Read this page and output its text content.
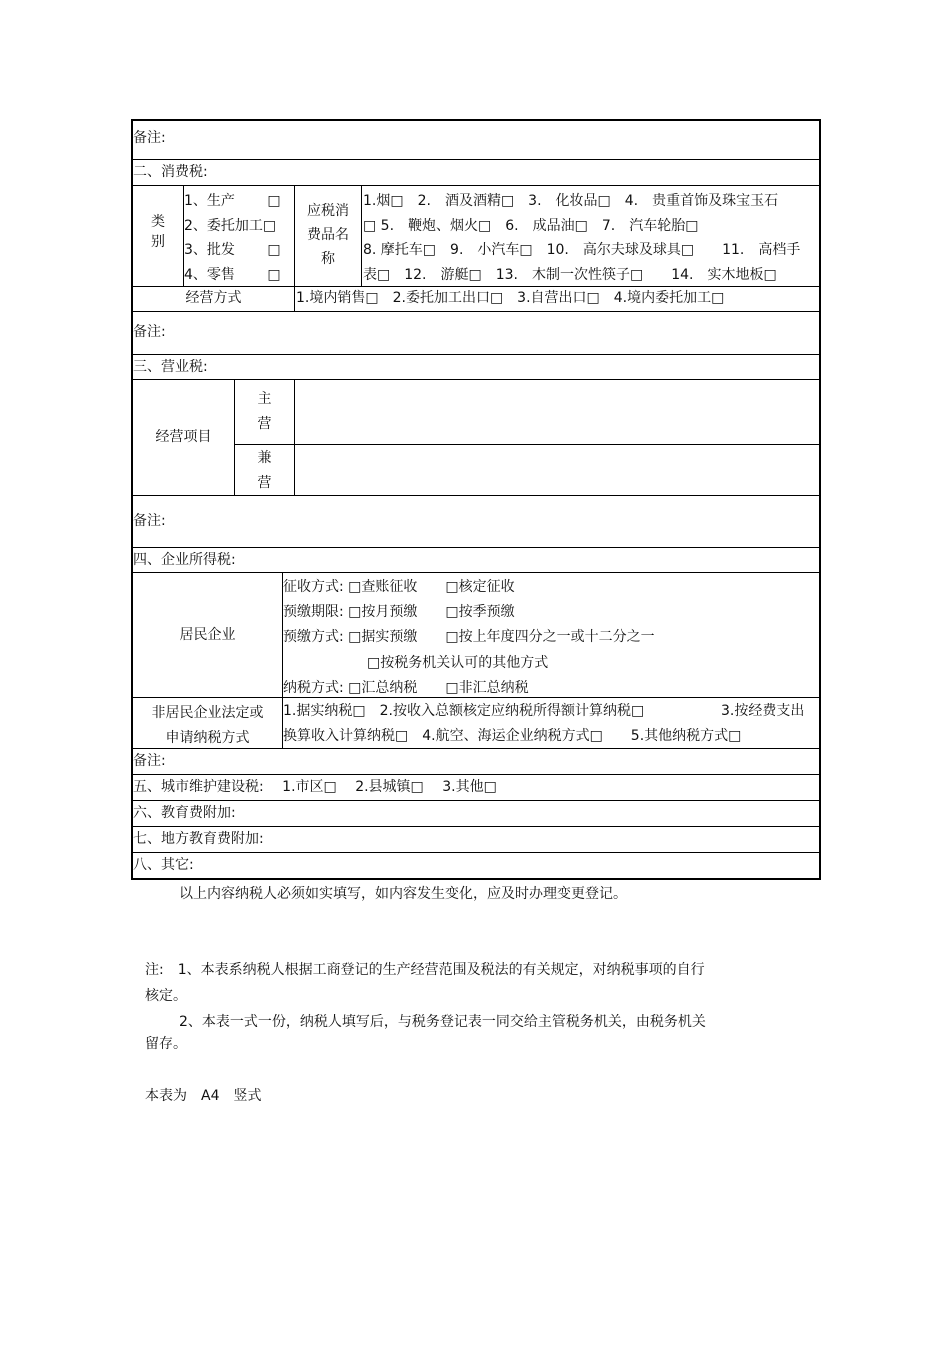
备注:
二、消费税:
类
别
1、生产　　 □
2、委托加工□
3、批发　　 □
4、零售　　 □
应税消
费品名
称
1.烟□　2.　酒及酒精□　3.　化妆品□　4.　贵重首饰及珠宝玉石
□ 5.　鞭炮、烟火□　6.　成品油□　7.　汽车轮胎□
8. 摩托车□　9.　小汽车□　10.　高尔夫球及球具□　　11.　高档手
表□　12.　游艇□　13.　木制一次性筷子□　　14.　实木地板□
经营方式	1.境内销售□　2.委托加工出口□　3.自营出口□　4.境内委托加工□
备注:
三、营业税:
经营项目
主
营
兼
营
备注:
四、企业所得税:
居民企业
征收方式: □查账征收　　□核定征收
预缴期限: □按月预缴　　□按季预缴
预缴方式: □据实预缴　　□按上年度四分之一或十二分之一
□按税务机关认可的其他方式
纳税方式: □汇总纳税　　□非汇总纳税
非居民企业法定或
申请纳税方式
1.据实纳税□　2.按收入总额核定应纳税所得额计算纳税□	3.按经费支出
换算收入计算纳税□　4.航空、海运企业纳税方式□　　5.其他纳税方式□
备注:
五、城市维护建设税:　 1.市区□　 2.县城镇□　 3.其他□
六、教育费附加:
七、地方教育费附加:
八、其它:

以上内容纳税人必须如实填写，如内容发生变化，应及时办理变更登记。

注:　1、本表系纳税人根据工商登记的生产经营范围及税法的有关规定，对纳税事项的自行

核定。

2、本表一式一份，纳税人填写后，与税务登记表一同交给主管税务机关，由税务机关

留存。

本表为　A4　竖式
